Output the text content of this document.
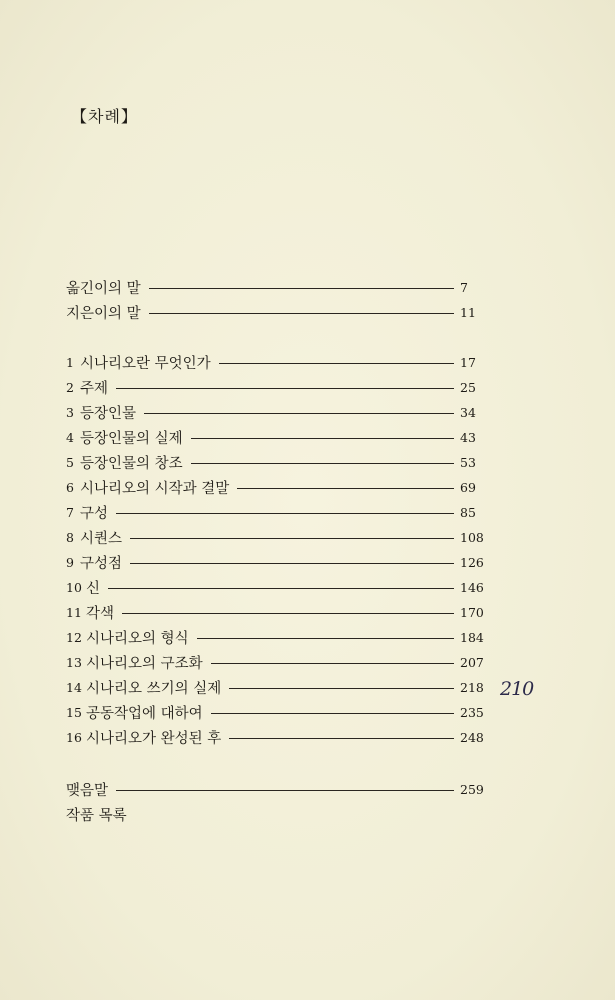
【차례】
옮긴이의 말	7
지은이의 말	11
1 시나리오란 무엇인가	17
2 주제	25
3 등장인물	34
4 등장인물의 실제	43
5 등장인물의 창조	53
6 시나리오의 시작과 결말	69
7 구성	85
8 시퀀스	108
9 구성점	126
10 신	146
11 각색	170
12 시나리오의 형식	184
13 시나리오의 구조화	207
14 시나리오 쓰기의 실제	218
15 공동작업에 대하여	235
16 시나리오가 완성된 후	248
맺음말	259
작품 목록
210
